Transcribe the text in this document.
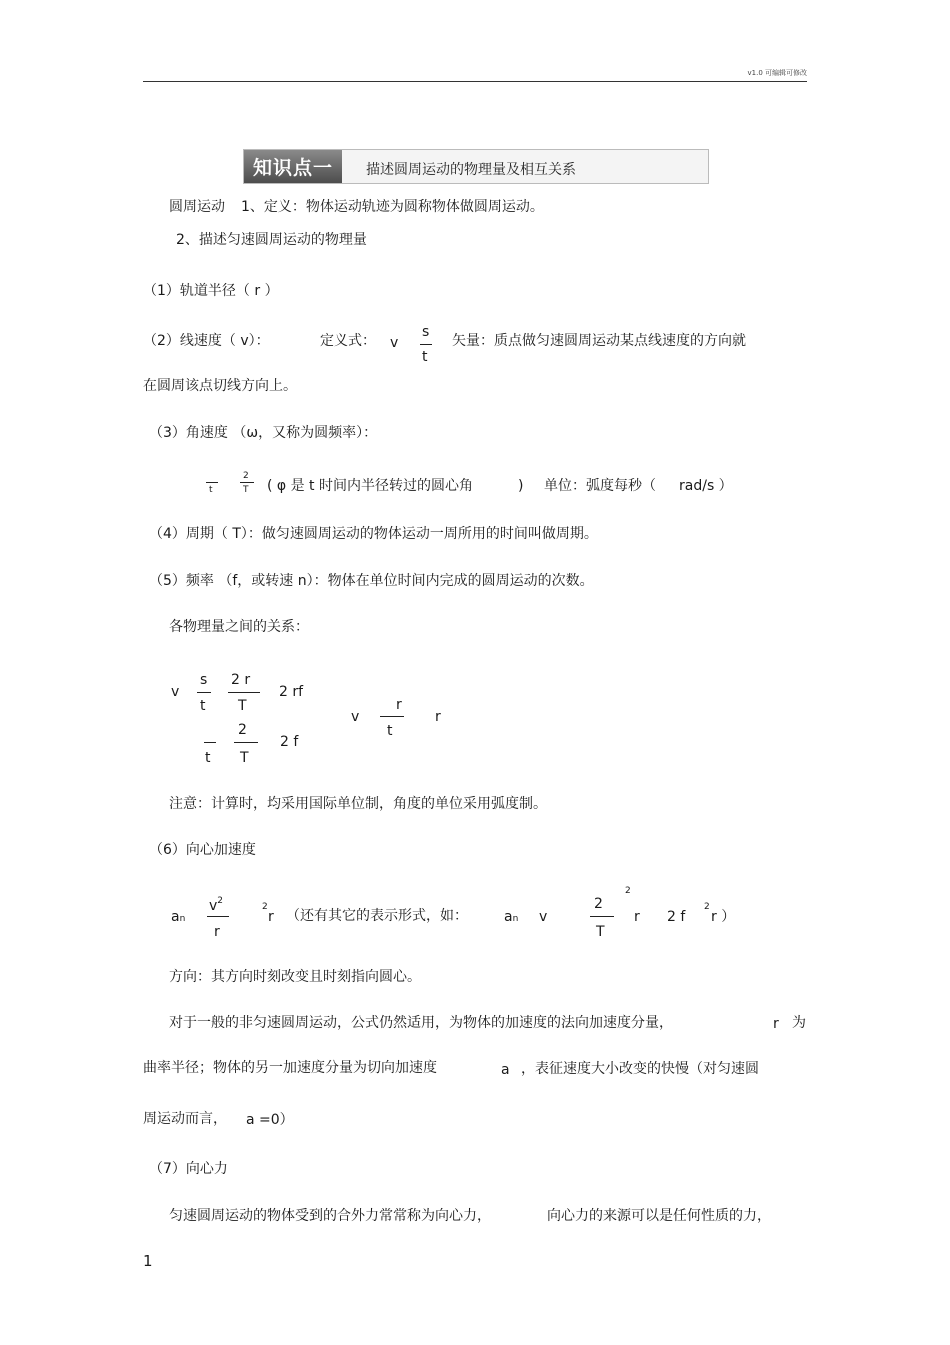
v1.0 可编辑可修改
知识点一	描述圆周运动的物理量及相互关系
圆周运动 1、定义：物体运动轨迹为圆称物体做圆周运动。
2、描述匀速圆周运动的物理量
（1）轨道半径（ r ）
（2）线速度（ v）：	定义式： v
s
t
矢量：质点做匀速圆周运动某点线速度的方向就
在圆周该点切线方向上。
（3）角速度 （ω，又称为圆频率）：
t
2
T ( φ 是 t 时间内半径转过的圆心角	) 单位：弧度每秒（ rad/s ）
（4）周期（ T）：做匀速圆周运动的物体运动一周所用的时间叫做周期。
（5）频率 （f，或转速 n）：物体在单位时间内完成的圆周运动的次数。
各物理量之间的关系：
v
s
t
2 r
T
2 rf
t
2
T
2 f
v
r
t
r
注意：计算时，均采用国际单位制，角度的单位采用弧度制。
（6）向心加速度
an
$v^2$
r
2
r （还有其它的表示形式，如：	an v
2
T
2
r 2 f
2
r ）
方向：其方向时刻改变且时刻指向圆心。
对于一般的非匀速圆周运动，公式仍然适用，为物体的加速度的法向加速度分量，	r 为
曲率半径；物体的另一加速度分量为切向加速度	a ，表征速度大小改变的快慢（对匀速圆
周运动而言， a =0）
（7）向心力
匀速圆周运动的物体受到的合外力常常称为向心力，	向心力的来源可以是任何性质的力，
1
